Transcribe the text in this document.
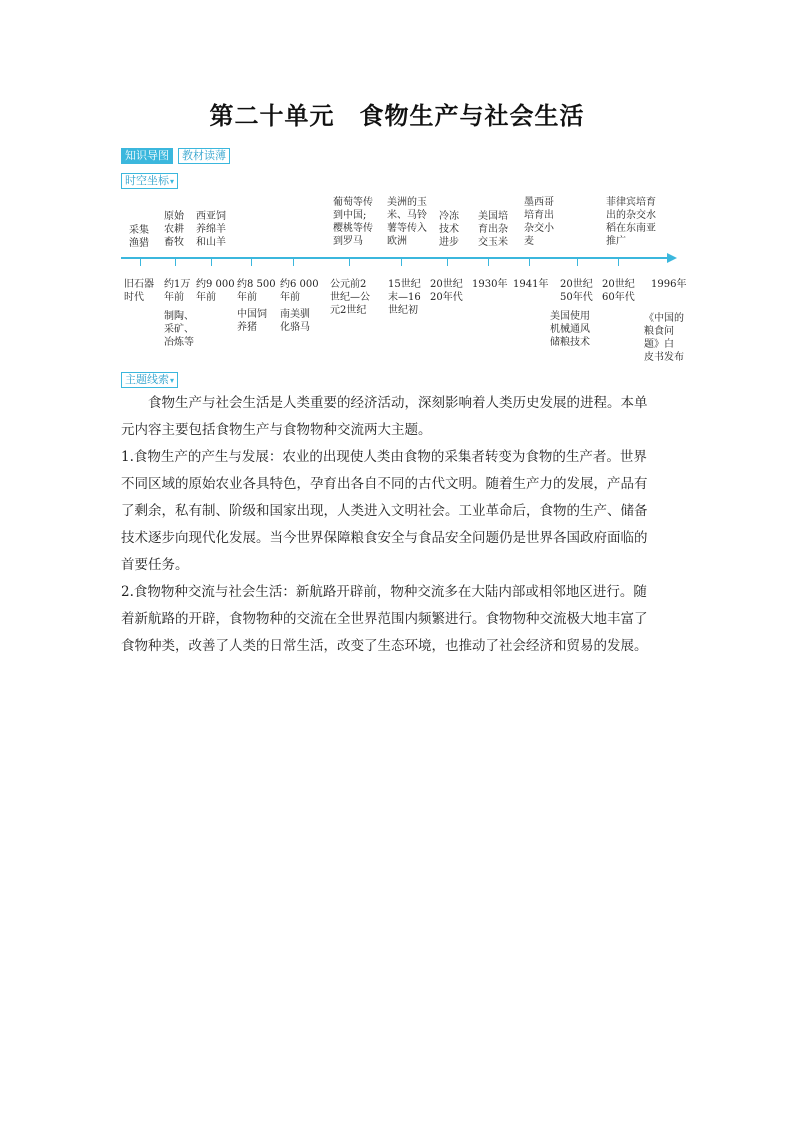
第二十单元　食物生产与社会生活
知识导图	教材读薄
时空坐标 ▾
采集
渔猎
原始
农耕
畜牧
西亚饲
养绵羊
和山羊
葡萄等传
到中国;
樱桃等传
到罗马
美洲的玉
米、马铃
薯等传入
欧洲
冷冻
技术
进步
美国培
育出杂
交玉米
墨西哥
培育出
杂交小
麦
菲律宾培育
出的杂交水
稻在东南亚
推广
旧石器
时代
约1万
年前
约9 000
年前
约8 500
年前
约6 000
年前
公元前2
世纪—公
元2世纪
15世纪
末—16
世纪初
20世纪
20年代
1930年 1941年 20世纪
50年代
20世纪
60年代
1996年
制陶、
采矿、
冶炼等
中国饲
养猪
南美驯
化骆马
美国使用
机械通风
储粮技术
《中国的
粮食问
题》白
皮书发布
主题线索 ▾
　　食物生产与社会生活是人类重要的经济活动，深刻影响着人类历史发展的进程。本单
元内容主要包括食物生产与食物物种交流两大主题。
1.食物生产的产生与发展：农业的出现使人类由食物的采集者转变为食物的生产者。世界
不同区域的原始农业各具特色，孕育出各自不同的古代文明。随着生产力的发展，产品有
了剩余，私有制、阶级和国家出现，人类进入文明社会。工业革命后，食物的生产、储备
技术逐步向现代化发展。当今世界保障粮食安全与食品安全问题仍是世界各国政府面临的
首要任务。
2.食物物种交流与社会生活：新航路开辟前，物种交流多在大陆内部或相邻地区进行。随
着新航路的开辟，食物物种的交流在全世界范围内频繁进行。食物物种交流极大地丰富了
食物种类，改善了人类的日常生活，改变了生态环境，也推动了社会经济和贸易的发展。
